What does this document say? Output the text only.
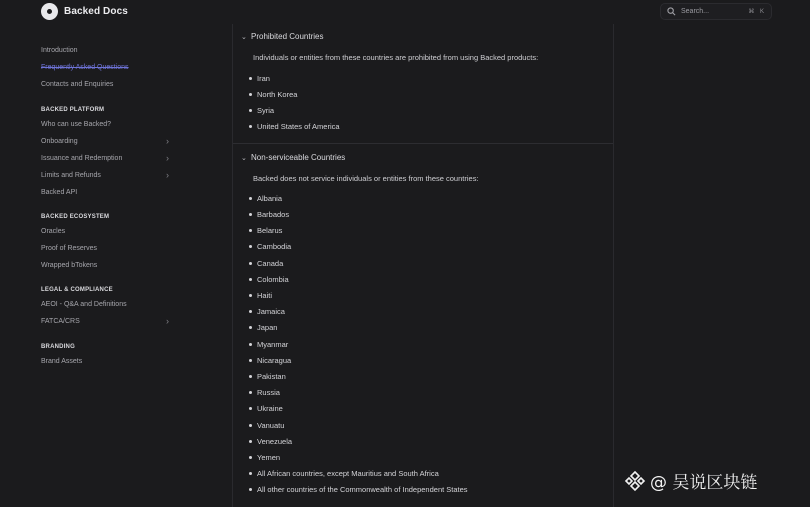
Backed Docs	Search...	⌘ K
Introduction
Frequently Asked Questions
Contacts and Enquiries
BACKED PLATFORM
Who can use Backed?
Onboarding	›
Issuance and Redemption	›
Limits and Refunds	›
Backed API
BACKED ECOSYSTEM
Oracles
Proof of Reserves
Wrapped bTokens
LEGAL & COMPLIANCE
AEOI - Q&A and Definitions
FATCA/CRS	›
BRANDING
Brand Assets
⌄ Prohibited Countries
Individuals or entities from these countries are prohibited from using Backed products:
Iran
North Korea
Syria
United States of America
⌄ Non-serviceable Countries
Backed does not service individuals or entities from these countries:
Albania
Barbados
Belarus
Cambodia
Canada
Colombia
Haiti
Jamaica
Japan
Myanmar
Nicaragua
Pakistan
Russia
Ukraine
Vanuatu
Venezuela
Yemen
All African countries, except Mauritius and South Africa
All other countries of the Commonwealth of Independent States	@ 吴说区块链
